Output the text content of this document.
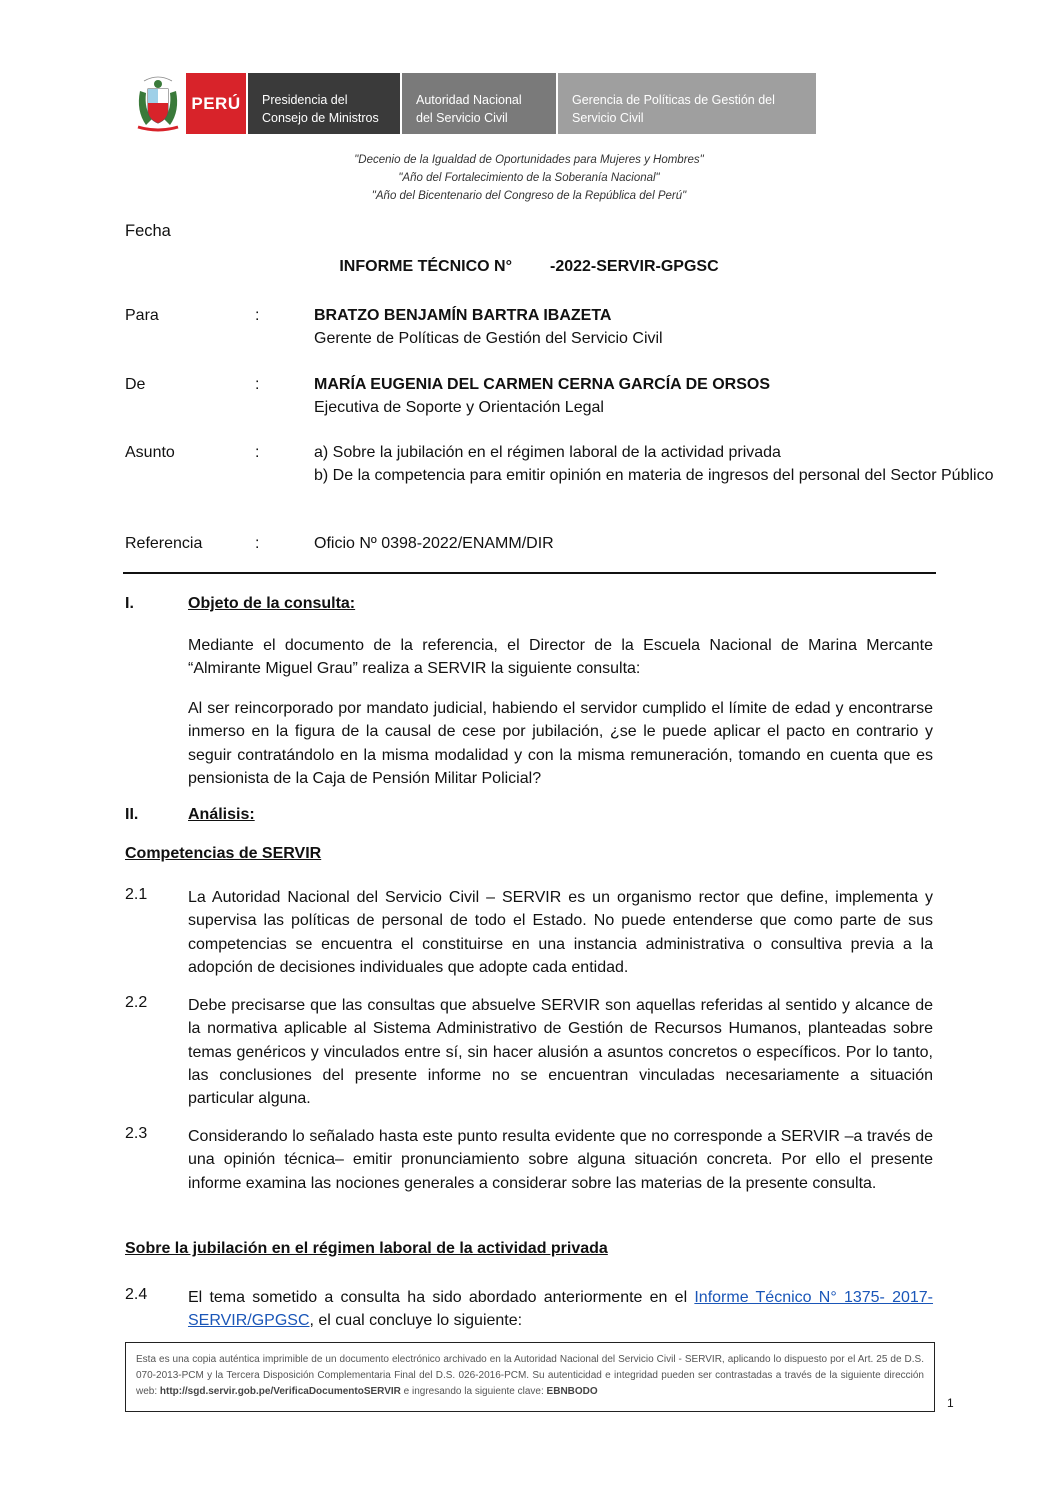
PERÚ	Presidencia del
Consejo de Ministros
Autoridad Nacional
del Servicio Civil
Gerencia de Políticas de Gestión del
Servicio Civil
"Decenio de la Igualdad de Oportunidades para Mujeres y Hombres"
"Año del Fortalecimiento de la Soberanía Nacional"
"Año del Bicentenario del Congreso de la República del Perú"
Fecha
INFORME TÉCNICO N° -2022-SERVIR-GPGSC
Para	:	BRATZO BENJAMÍN BARTRA IBAZETA
Gerente de Políticas de Gestión del Servicio Civil
De	:	MARÍA EUGENIA DEL CARMEN CERNA GARCÍA DE ORSOS
Ejecutiva de Soporte y Orientación Legal
Asunto	:	a) Sobre la jubilación en el régimen laboral de la actividad privada
b) De la competencia para emitir opinión en materia de ingresos del personal del Sector Público
Referencia	:	Oficio Nº 0398-2022/ENAMM/DIR
I.	Objeto de la consulta:
Mediante el documento de la referencia, el Director de la Escuela Nacional de Marina Mercante “Almirante Miguel Grau” realiza a SERVIR la siguiente consulta:
Al ser reincorporado por mandato judicial, habiendo el servidor cumplido el límite de edad y encontrarse inmerso en la figura de la causal de cese por jubilación, ¿se le puede aplicar el pacto en contrario y seguir contratándolo en la misma modalidad y con la misma remuneración, tomando en cuenta que es pensionista de la Caja de Pensión Militar Policial?
II.	Análisis:
Competencias de SERVIR
2.1	La Autoridad Nacional del Servicio Civil – SERVIR es un organismo rector que define, implementa y supervisa las políticas de personal de todo el Estado. No puede entenderse que como parte de sus competencias se encuentra el constituirse en una instancia administrativa o consultiva previa a la adopción de decisiones individuales que adopte cada entidad.
2.2	Debe precisarse que las consultas que absuelve SERVIR son aquellas referidas al sentido y alcance de la normativa aplicable al Sistema Administrativo de Gestión de Recursos Humanos, planteadas sobre temas genéricos y vinculados entre sí, sin hacer alusión a asuntos concretos o específicos. Por lo tanto, las conclusiones del presente informe no se encuentran vinculadas necesariamente a situación particular alguna.
2.3	Considerando lo señalado hasta este punto resulta evidente que no corresponde a SERVIR –a través de una opinión técnica– emitir pronunciamiento sobre alguna situación concreta. Por ello el presente informe examina las nociones generales a considerar sobre las materias de la presente consulta.
Sobre la jubilación en el régimen laboral de la actividad privada
2.4	El tema sometido a consulta ha sido abordado anteriormente en el Informe Técnico N° 1375- 2017-SERVIR/GPGSC, el cual concluye lo siguiente:
Esta es una copia auténtica imprimible de un documento electrónico archivado en la Autoridad Nacional del Servicio Civil - SERVIR, aplicando lo dispuesto por el Art. 25 de D.S. 070-2013-PCM y la Tercera Disposición Complementaria Final del D.S. 026-2016-PCM. Su autenticidad e integridad pueden ser contrastadas a través de la siguiente dirección web: http://sgd.servir.gob.pe/VerificaDocumentoSERVIR e ingresando la siguiente clave: EBNBODO
1
